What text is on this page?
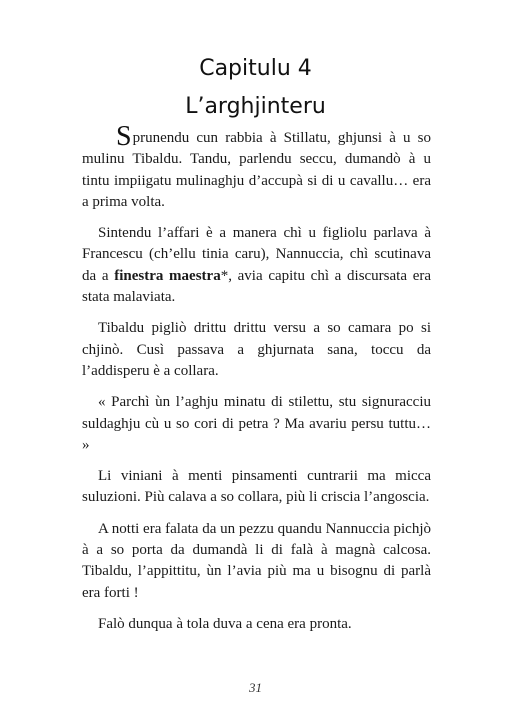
Capitulu 4
L’arghjinteru

Sprunendu cun rabbia à Stillatu, ghjunsi à u so mulinu Tibaldu. Tandu, parlendu seccu, dumandò à u tintu impiigatu mulinaghju d’accupà si di u cavallu… era a prima volta.

Sintendu l’affari è a manera chì u figliolu parlava à Francescu (ch’ellu tinia caru), Nannuccia, chì scutinava da a finestra maestra*, avia capitu chì a discursata era stata malaviata.

Tibaldu pigliò drittu drittu versu a so camara po si chjinò. Cusì passava a ghjurnata sana, toccu da l’addisperu è a collara.

« Parchì ùn l’aghju minatu di stilettu, stu signuracciu suldaghju cù u so cori di petra ? Ma avariu persu tuttu… »

Li viniani à menti pinsamenti cuntrarii ma micca suluzioni. Più calava a so collara, più li criscia l’angoscia.

A notti era falata da un pezzu quandu Nannuccia pichjò à a so porta da dumandà li di falà à magnà calcosa. Tibaldu, l’appittitu, ùn l’avia più ma u bisognu di parlà era forti !

Falò dunqua à tola duva a cena era pronta.

31
